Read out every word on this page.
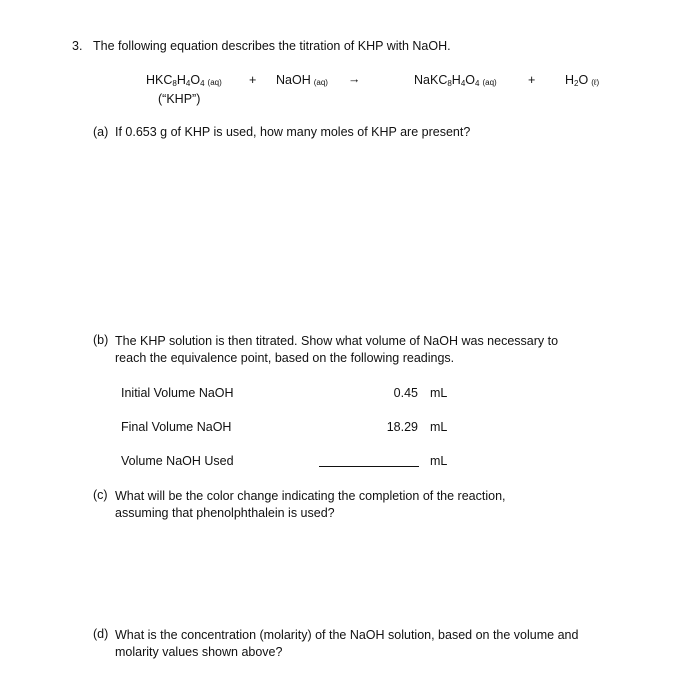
3. The following equation describes the titration of KHP with NaOH.
$HKC_8H_4O_4$ (aq)
(“KHP”)
+ NaOH (aq) →	$NaKC_8H_4O_4$ (aq)	+ $H_2O$ (ℓ)
(a) If 0.653 g of KHP is used, how many moles of KHP are present?
(b) The KHP solution is then titrated. Show what volume of NaOH was necessary to reach the equivalence point, based on the following readings.
Initial Volume NaOH	0.45 mL
Final Volume NaOH	18.29 mL
Volume NaOH Used	mL
(c) What will be the color change indicating the completion of the reaction, assuming that phenolphthalein is used?
(d) What is the concentration (molarity) of the NaOH solution, based on the volume and molarity values shown above?
